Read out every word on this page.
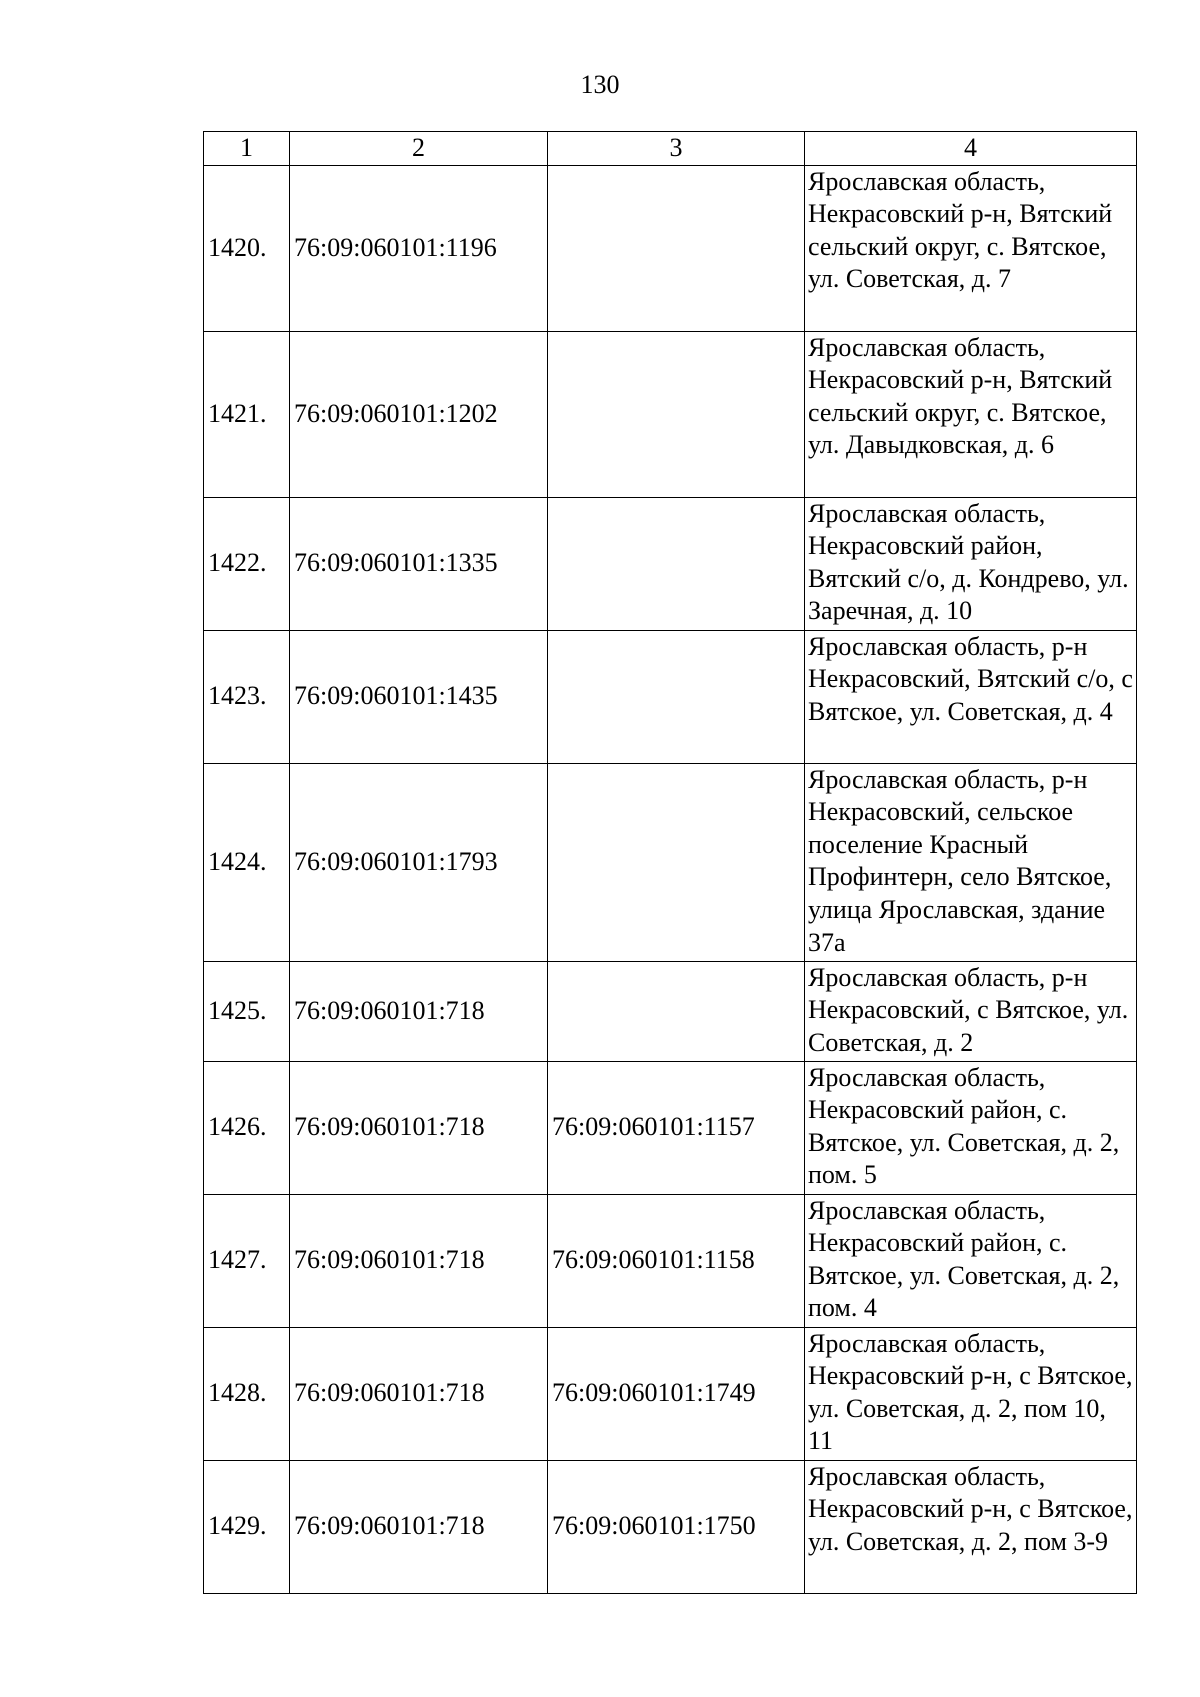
130
1	2	3	4
1420.	76:09:060101:1196		Ярославская область, Некрасовский р-н, Вятский сельский округ, с. Вятское, ул. Советская, д. 7
1421.	76:09:060101:1202		Ярославская область, Некрасовский р-н, Вятский сельский округ, с. Вятское, ул. Давыдковская, д. 6
1422.	76:09:060101:1335		Ярославская область, Некрасовский район, Вятский с/о, д. Кондрево, ул. Заречная, д. 10
1423.	76:09:060101:1435		Ярославская область, р-н Некрасовский, Вятский с/о, с Вятское, ул. Советская, д. 4
1424.	76:09:060101:1793		Ярославская область, р-н Некрасовский, сельское поселение Красный Профинтерн, село Вятское, улица Ярославская, здание 37а
1425.	76:09:060101:718		Ярославская область, р-н Некрасовский, с Вятское, ул. Советская, д. 2
1426.	76:09:060101:718	76:09:060101:1157	Ярославская область, Некрасовский район, с. Вятское, ул. Советская, д. 2, пом. 5
1427.	76:09:060101:718	76:09:060101:1158	Ярославская область, Некрасовский район, с. Вятское, ул. Советская, д. 2, пом. 4
1428.	76:09:060101:718	76:09:060101:1749	Ярославская область, Некрасовский р-н, с Вятское, ул. Советская, д. 2, пом 10, 11
1429.	76:09:060101:718	76:09:060101:1750	Ярославская область, Некрасовский р-н, с Вятское, ул. Советская, д. 2, пом 3-9
